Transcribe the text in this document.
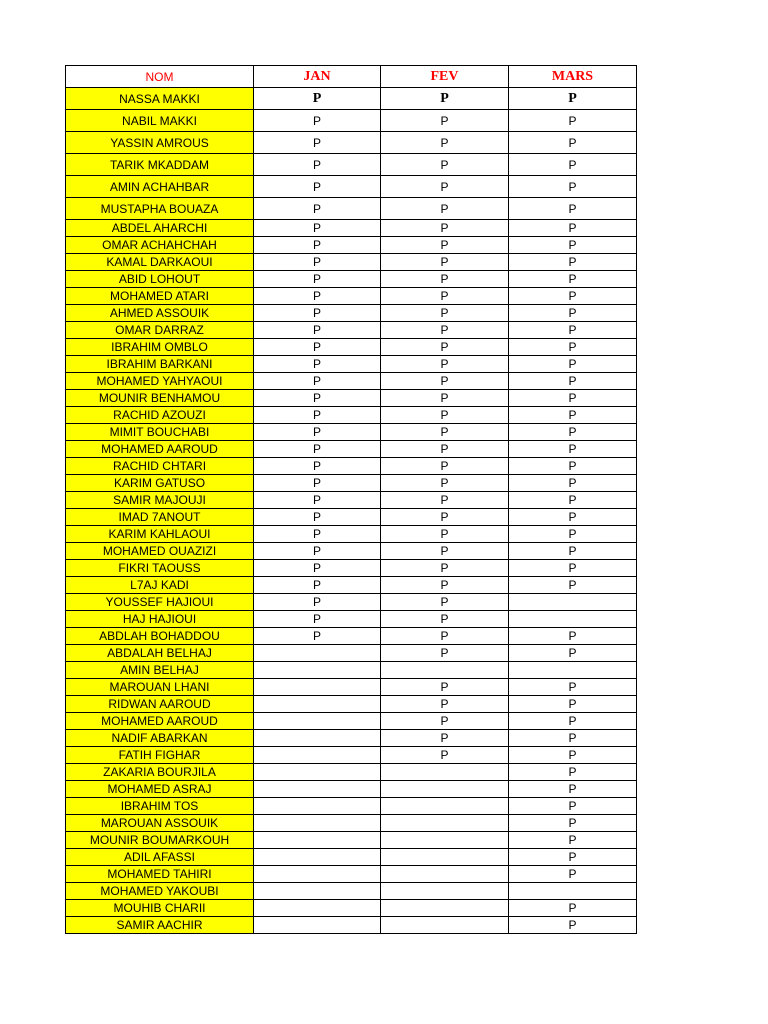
NOM	JAN	FEV	MARS
NASSA MAKKI	P	P	P
NABIL MAKKI	P	P	P
YASSIN AMROUS	P	P	P
TARIK MKADDAM	P	P	P
AMIN ACHAHBAR	P	P	P
MUSTAPHA BOUAZA	P	P	P
ABDEL AHARCHI	P	P	P
OMAR ACHAHCHAH	P	P	P
KAMAL DARKAOUI	P	P	P
ABID LOHOUT	P	P	P
MOHAMED ATARI	P	P	P
AHMED ASSOUIK	P	P	P
OMAR DARRAZ	P	P	P
IBRAHIM OMBLO	P	P	P
IBRAHIM BARKANI	P	P	P
MOHAMED YAHYAOUI	P	P	P
MOUNIR BENHAMOU	P	P	P
RACHID AZOUZI	P	P	P
MIMIT BOUCHABI	P	P	P
MOHAMED AAROUD	P	P	P
RACHID CHTARI	P	P	P
KARIM GATUSO	P	P	P
SAMIR MAJOUJI	P	P	P
IMAD 7ANOUT	P	P	P
KARIM KAHLAOUI	P	P	P
MOHAMED OUAZIZI	P	P	P
FIKRI TAOUSS	P	P	P
L7AJ KADI	P	P	P
YOUSSEF HAJIOUI	P	P	
HAJ HAJIOUI	P	P	
ABDLAH BOHADDOU	P	P	P
ABDALAH BELHAJ		P	P
AMIN BELHAJ			
MAROUAN LHANI		P	P
RIDWAN AAROUD		P	P
MOHAMED AAROUD		P	P
NADIF ABARKAN		P	P
FATIH FIGHAR		P	P
ZAKARIA BOURJILA			P
MOHAMED ASRAJ			P
IBRAHIM TOS			P
MAROUAN ASSOUIK			P
MOUNIR BOUMARKOUH			P
ADIL AFASSI			P
MOHAMED TAHIRI			P
MOHAMED YAKOUBI			
MOUHIB CHARII			P
SAMIR AACHIR			P
